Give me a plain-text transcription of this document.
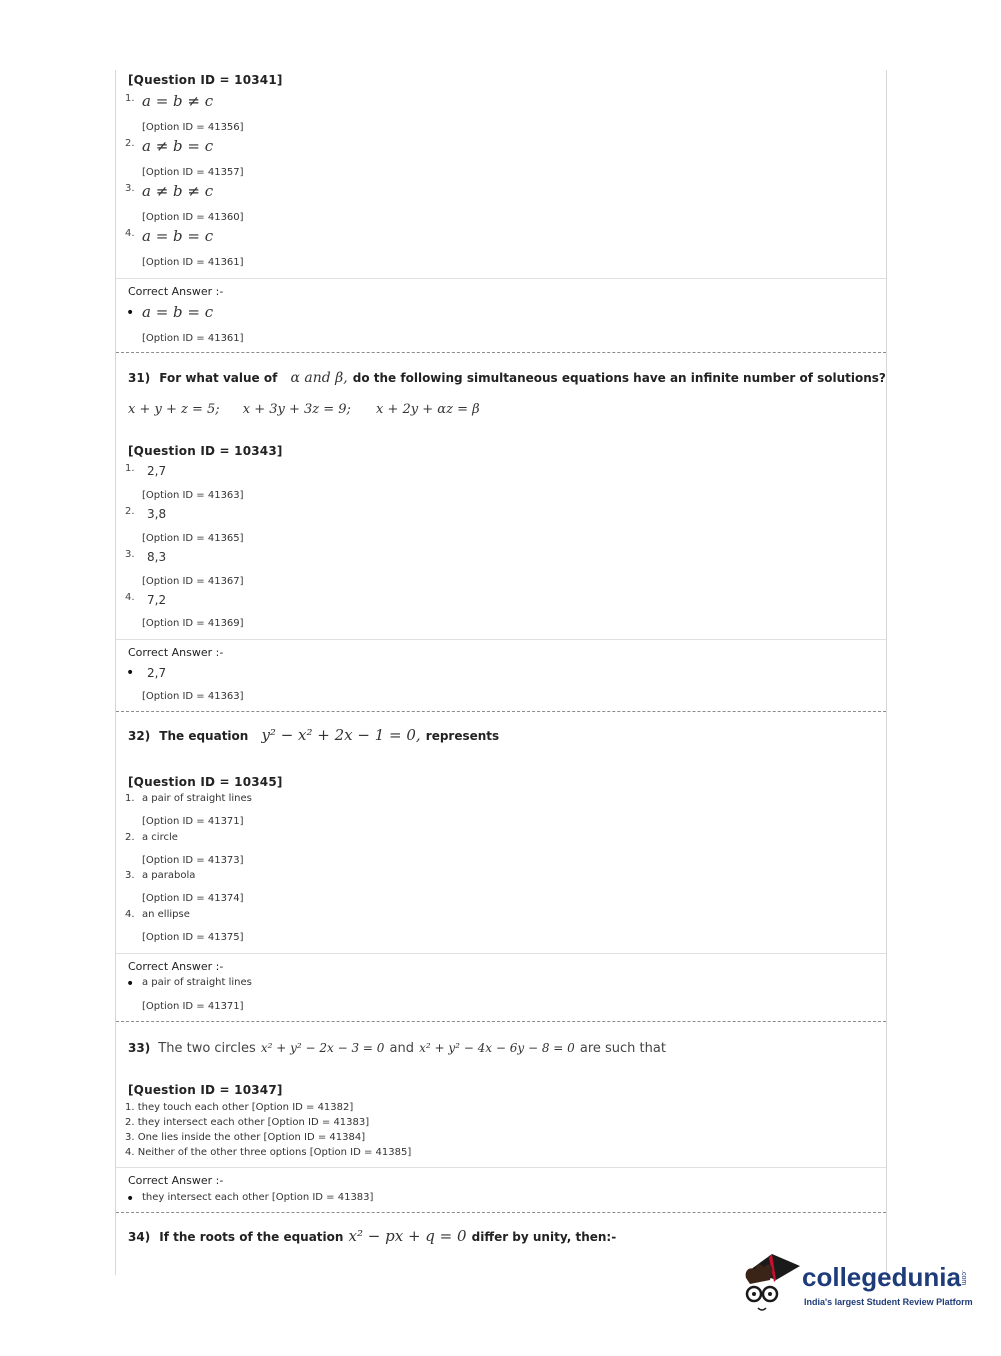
[Question ID = 10341]
1. a = b ≠ c
[Option ID = 41356]
2. a ≠ b = c
[Option ID = 41357]
3. a ≠ b ≠ c
[Option ID = 41360]
4. a = b = c
[Option ID = 41361]
Correct Answer :-
• a = b = c
[Option ID = 41361]
31) For what value of α and β, do the following simultaneous equations have an infinite number of solutions?
x + y + z = 5; x + 3y + 3z = 9; x + 2y + αz = β
[Question ID = 10343]
1. 2,7
[Option ID = 41363]
2. 3,8
[Option ID = 41365]
3. 8,3
[Option ID = 41367]
4. 7,2
[Option ID = 41369]
Correct Answer :-
• 2,7
[Option ID = 41363]
32) The equation y² − x² + 2x − 1 = 0, represents
[Question ID = 10345]
1. a pair of straight lines
[Option ID = 41371]
2. a circle
[Option ID = 41373]
3. a parabola
[Option ID = 41374]
4. an ellipse
[Option ID = 41375]
Correct Answer :-
• a pair of straight lines
[Option ID = 41371]
33) The two circles x² + y² − 2x − 3 = 0 and x² + y² − 4x − 6y − 8 = 0 are such that
[Question ID = 10347]
1. they touch each other [Option ID = 41382]
2. they intersect each other [Option ID = 41383]
3. One lies inside the other [Option ID = 41384]
4. Neither of the other three options [Option ID = 41385]
Correct Answer :-
• they intersect each other [Option ID = 41383]
34) If the roots of the equation x² − px + q = 0 differ by unity, then:-
collegedunia .com
India's largest Student Review Platform
